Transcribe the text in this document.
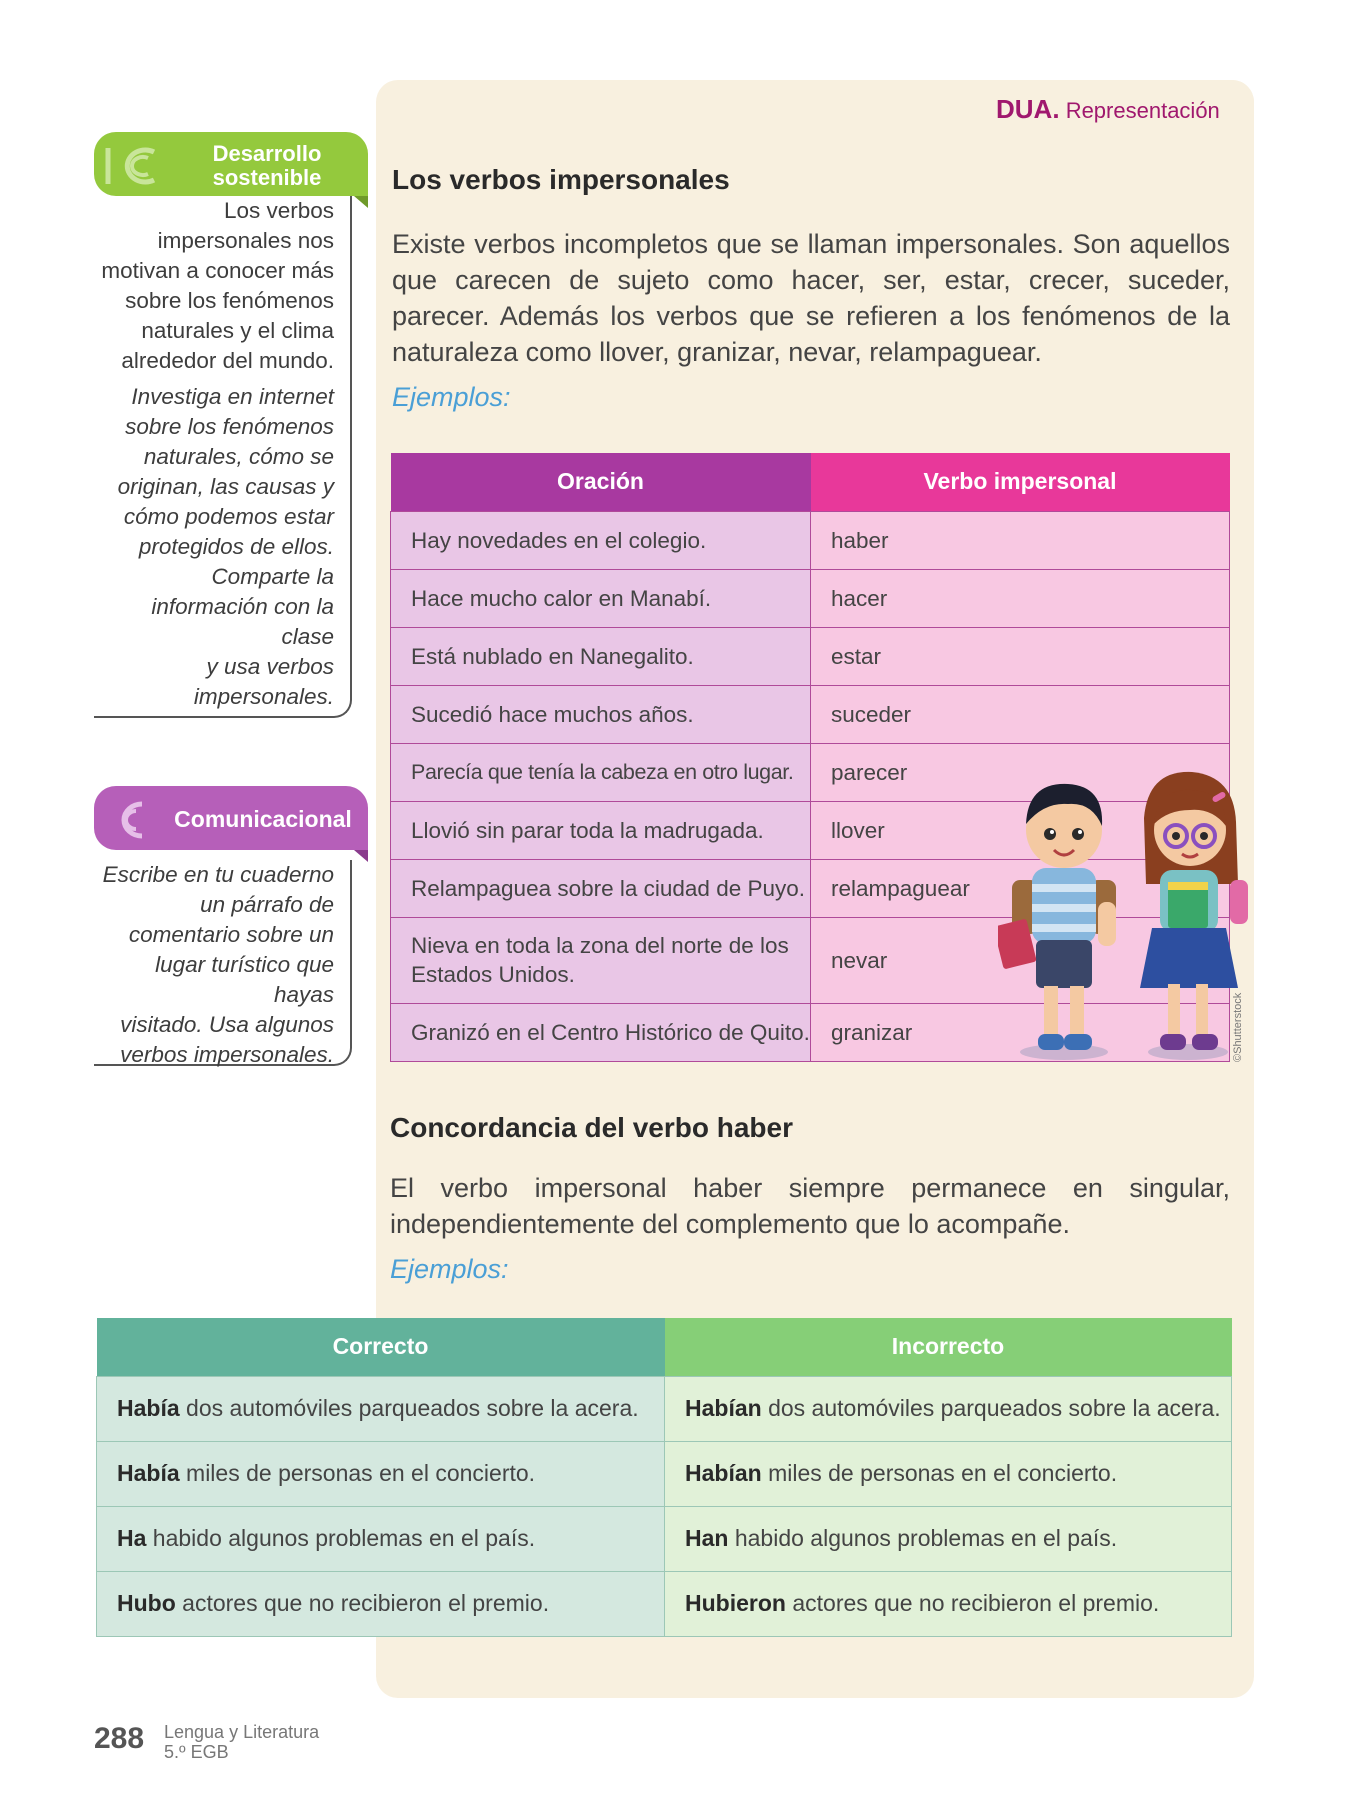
DUA. Representación
Desarrollo
sostenible
Los verbos
impersonales nos
motivan a conocer más
sobre los fenómenos
naturales y el clima
alrededor del mundo.
Investiga en internet
sobre los fenómenos
naturales, cómo se
originan, las causas y
cómo podemos estar
protegidos de ellos.
Comparte la
información con la clase
y usa verbos
impersonales.
Comunicacional
Escribe en tu cuaderno
un párrafo de
comentario sobre un
lugar turístico que hayas
visitado. Usa algunos
verbos impersonales.
Los verbos impersonales

Existe verbos incompletos que se llaman impersonales. Son aquellos que carecen de sujeto como hacer, ser, estar, crecer, suceder, parecer. Además los verbos que se refieren a los fenómenos de la naturaleza como llover, granizar, nevar, relampaguear.

Ejemplos:
Oración	Verbo impersonal
Hay novedades en el colegio.	haber
Hace mucho calor en Manabí.	hacer
Está nublado en Nanegalito.	estar
Sucedió hace muchos años.	suceder
Parecía que tenía la cabeza en otro lugar.	parecer
Llovió sin parar toda la madrugada.	llover
Relampaguea sobre la ciudad de Puyo.	relampaguear
Nieva en toda la zona del norte de los Estados Unidos.	nevar
Granizó en el Centro Histórico de Quito.	granizar	©Shutterstock
Concordancia del verbo haber

El verbo impersonal haber siempre permanece en singular, independientemente del complemento que lo acompañe.

Ejemplos:
Correcto	Incorrecto
Había dos automóviles parqueados sobre la acera.	Habían dos automóviles parqueados sobre la acera.
Había miles de personas en el concierto.	Habían miles de personas en el concierto.
Ha habido algunos problemas en el país.	Han habido algunos problemas en el país.
Hubo actores que no recibieron el premio.	Hubieron actores que no recibieron el premio.
288 Lengua y Literatura
5.º EGB
